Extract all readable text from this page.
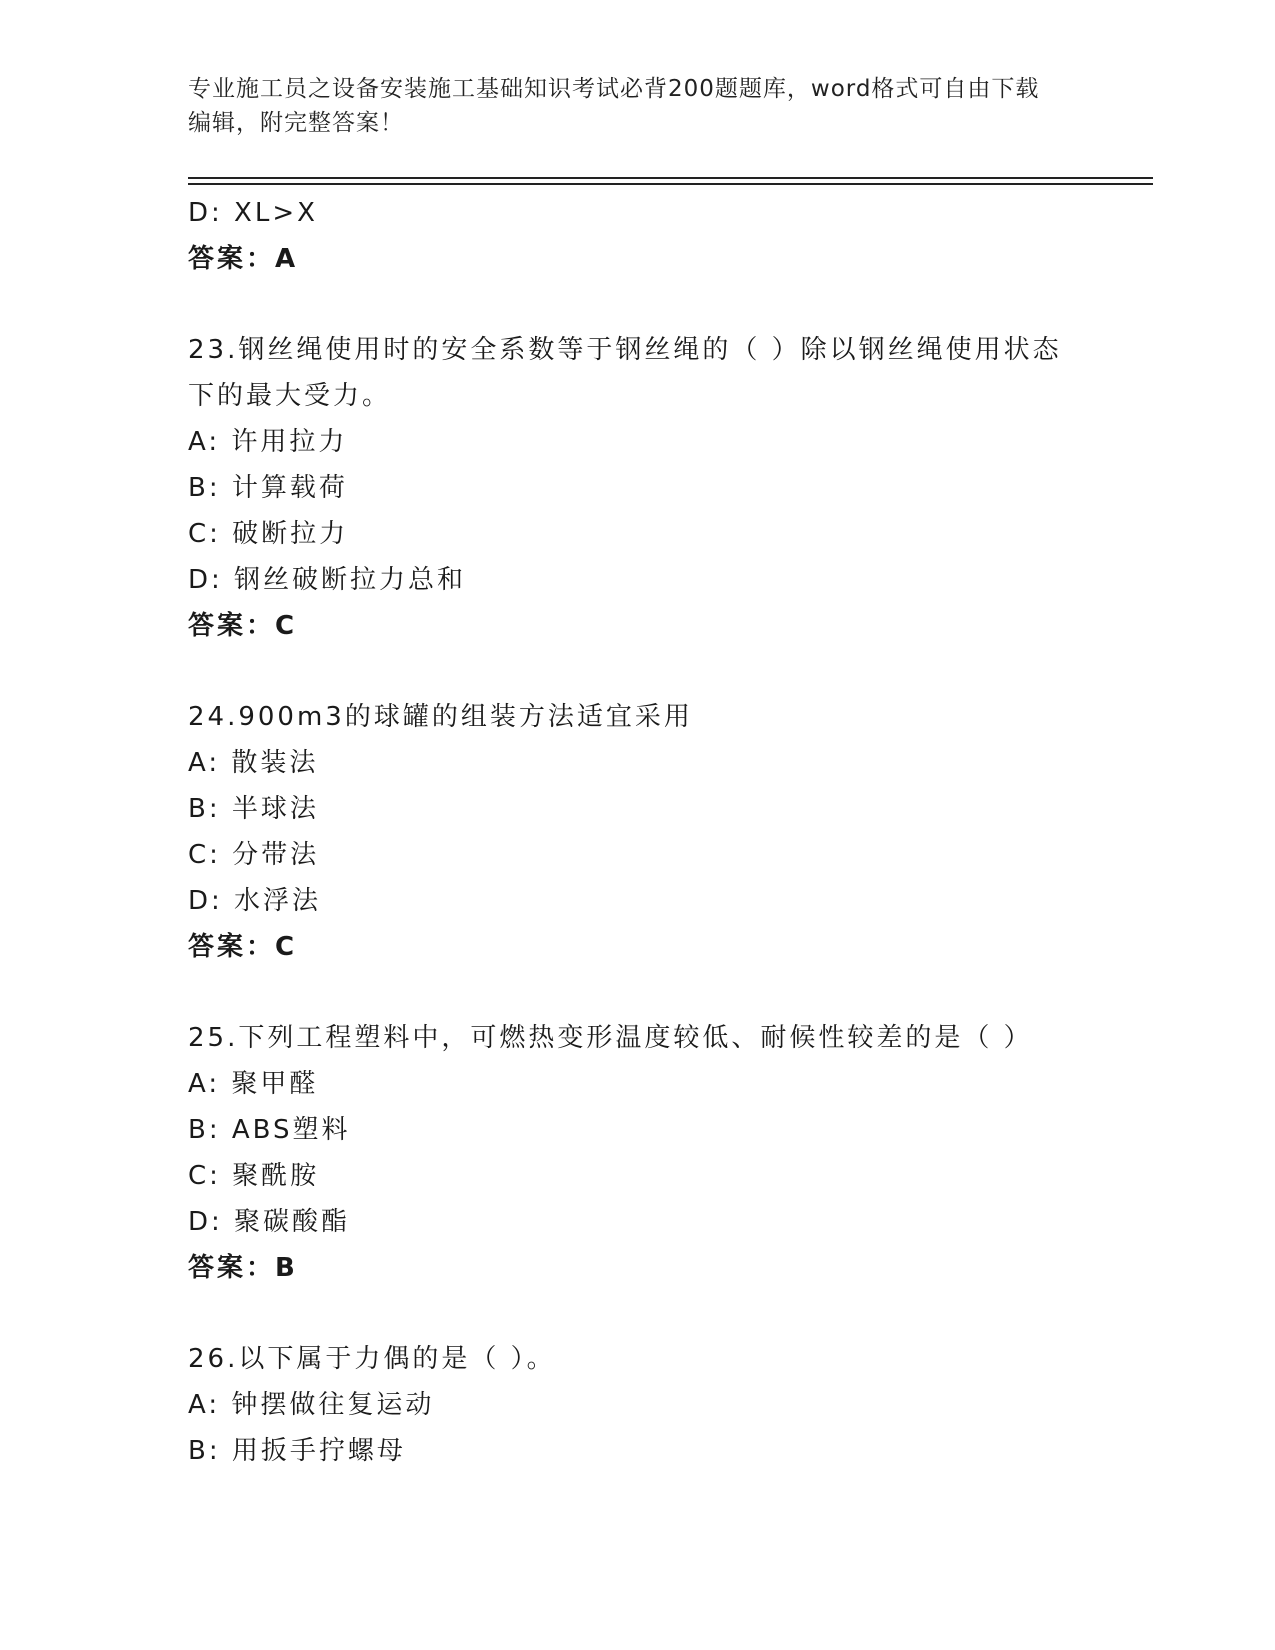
专业施工员之设备安装施工基础知识考试必背200题题库，word格式可自由下载
编辑，附完整答案！
D: XL>X
答案：A
23.钢丝绳使用时的安全系数等于钢丝绳的（ ）除以钢丝绳使用状态
下的最大受力。
A: 许用拉力
B: 计算载荷
C: 破断拉力
D: 钢丝破断拉力总和
答案：C
24.900m3的球罐的组装方法适宜采用
A: 散装法
B: 半球法
C: 分带法
D: 水浮法
答案：C
25.下列工程塑料中，可燃热变形温度较低、耐候性较差的是（ ）
A: 聚甲醛
B: ABS塑料
C: 聚酰胺
D: 聚碳酸酯
答案：B
26.以下属于力偶的是（ ）。
A: 钟摆做往复运动
B: 用扳手拧螺母
